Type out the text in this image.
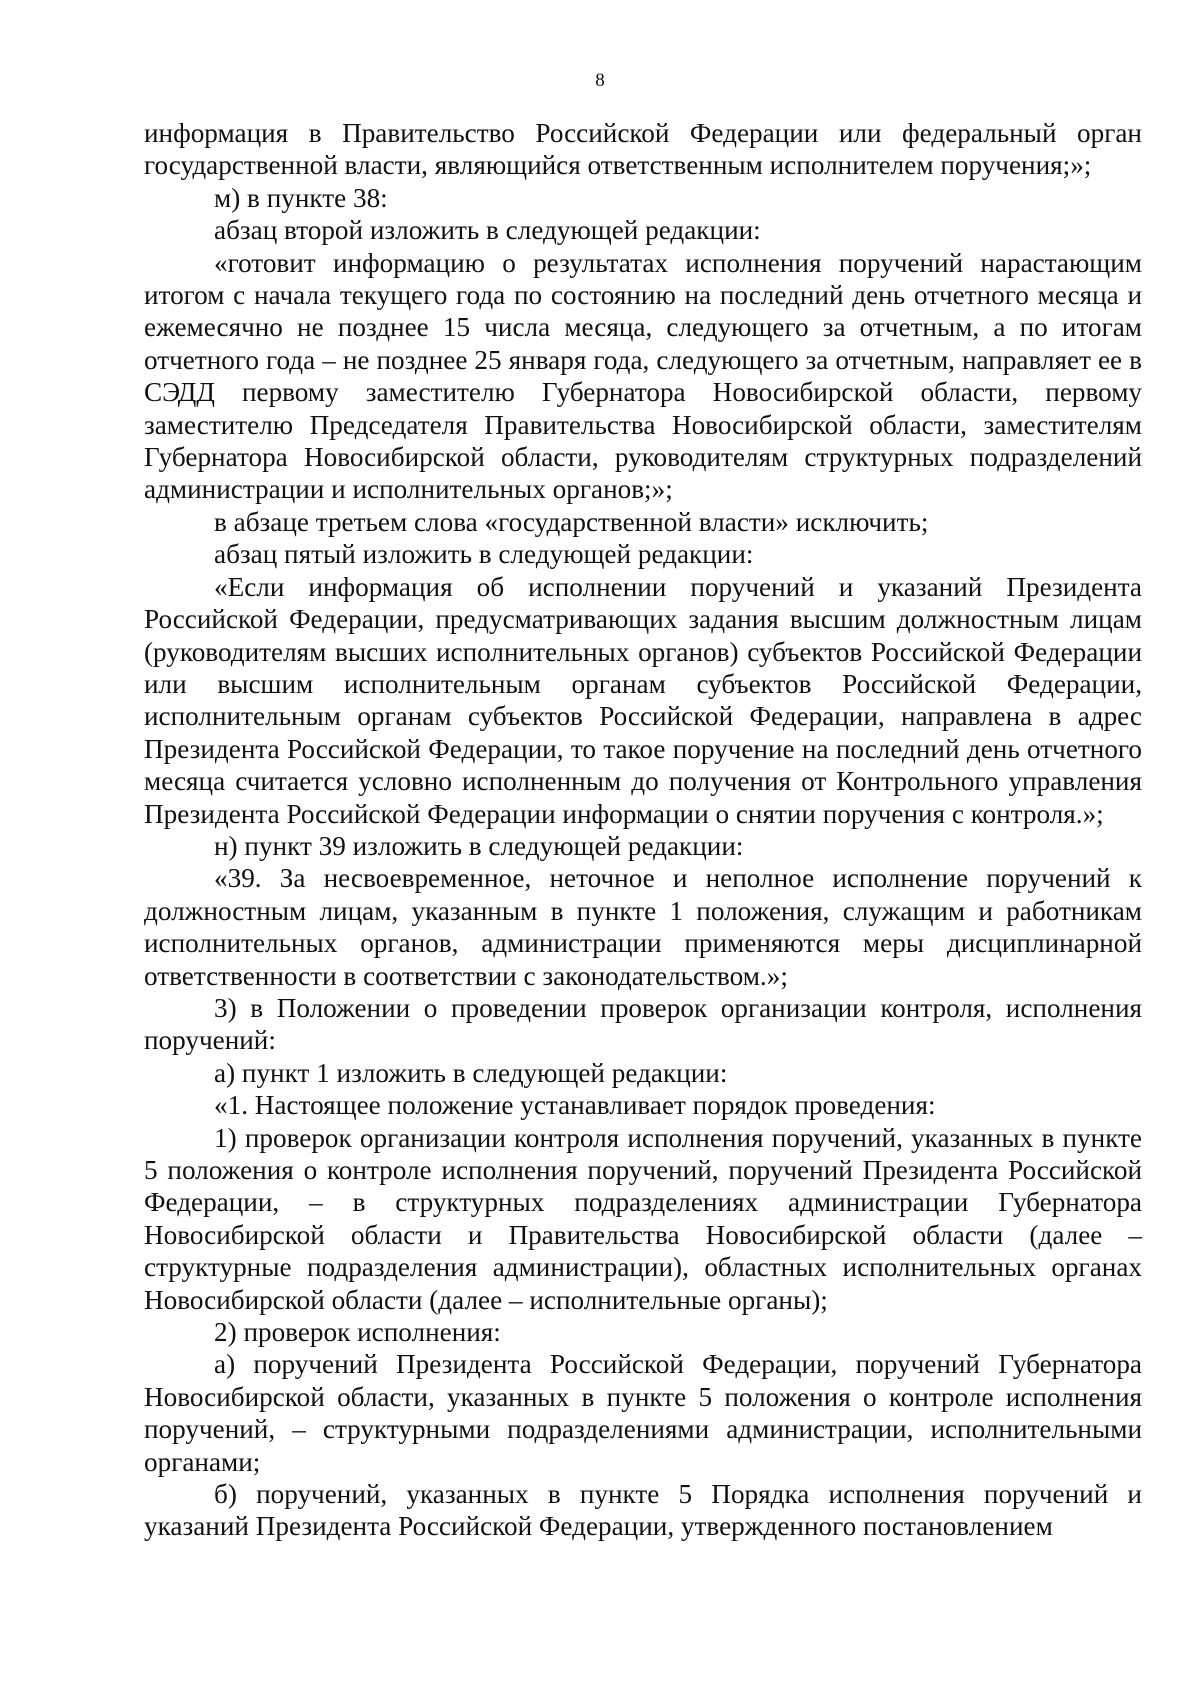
8

информация в Правительство Российской Федерации или федеральный орган государственной власти, являющийся ответственным исполнителем поручения;»;

м) в пункте 38:

абзац второй изложить в следующей редакции:

«готовит информацию о результатах исполнения поручений нарастающим итогом с начала текущего года по состоянию на последний день отчетного месяца и ежемесячно не позднее 15 числа месяца, следующего за отчетным, а по итогам отчетного года – не позднее 25 января года, следующего за отчетным, направляет ее в СЭДД первому заместителю Губернатора Новосибирской области, первому заместителю Председателя Правительства Новосибирской области, заместителям Губернатора Новосибирской области, руководителям структурных подразделений администрации и исполнительных органов;»;

в абзаце третьем слова «государственной власти» исключить;

абзац пятый изложить в следующей редакции:

«Если информация об исполнении поручений и указаний Президента Российской Федерации, предусматривающих задания высшим должностным лицам (руководителям высших исполнительных органов) субъектов Российской Федерации или высшим исполнительным органам субъектов Российской Федерации, исполнительным органам субъектов Российской Федерации, направлена в адрес Президента Российской Федерации, то такое поручение на последний день отчетного месяца считается условно исполненным до получения от Контрольного управления Президента Российской Федерации информации о снятии поручения с контроля.»;

н) пункт 39 изложить в следующей редакции:

«39. За несвоевременное, неточное и неполное исполнение поручений к должностным лицам, указанным в пункте 1 положения, служащим и работникам исполнительных органов, администрации применяются меры дисциплинарной ответственности в соответствии с законодательством.»;

3) в Положении о проведении проверок организации контроля, исполнения поручений:

а) пункт 1 изложить в следующей редакции:

«1. Настоящее положение устанавливает порядок проведения:

1) проверок организации контроля исполнения поручений, указанных в пункте 5 положения о контроле исполнения поручений, поручений Президента Российской Федерации, – в структурных подразделениях администрации Губернатора Новосибирской области и Правительства Новосибирской области (далее – структурные подразделения администрации), областных исполнительных органах Новосибирской области (далее – исполнительные органы);

2) проверок исполнения:

а) поручений Президента Российской Федерации, поручений Губернатора Новосибирской области, указанных в пункте 5 положения о контроле исполнения поручений, – структурными подразделениями администрации, исполнительными органами;

б) поручений, указанных в пункте 5 Порядка исполнения поручений и указаний Президента Российской Федерации, утвержденного постановлением
